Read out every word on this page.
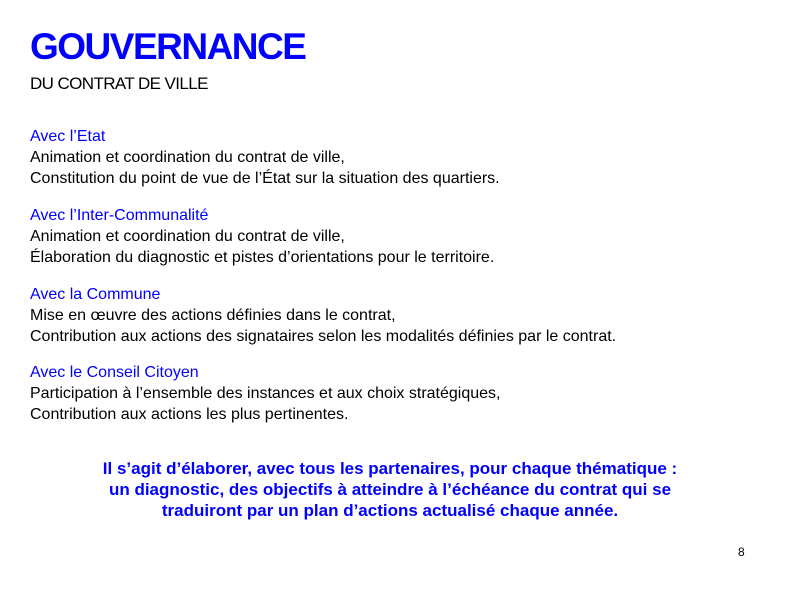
GOUVERNANCE
DU CONTRAT DE VILLE
Avec l’Etat
Animation et coordination du contrat de ville,
Constitution du point de vue de l’État sur la situation des quartiers.
Avec l’Inter-Communalité
Animation et coordination du contrat de ville,
Élaboration du diagnostic et pistes d’orientations pour le territoire.
Avec la Commune
Mise en œuvre des actions définies dans le contrat,
Contribution aux actions des signataires selon les modalités définies par le contrat.
Avec le Conseil Citoyen
Participation à l’ensemble des instances et aux choix stratégiques,
Contribution aux actions les plus pertinentes.
Il s’agit d’élaborer, avec tous les partenaires, pour chaque thématique :
un diagnostic, des objectifs à atteindre à l’échéance du contrat qui se
traduiront par un plan d’actions actualisé chaque année.
8
